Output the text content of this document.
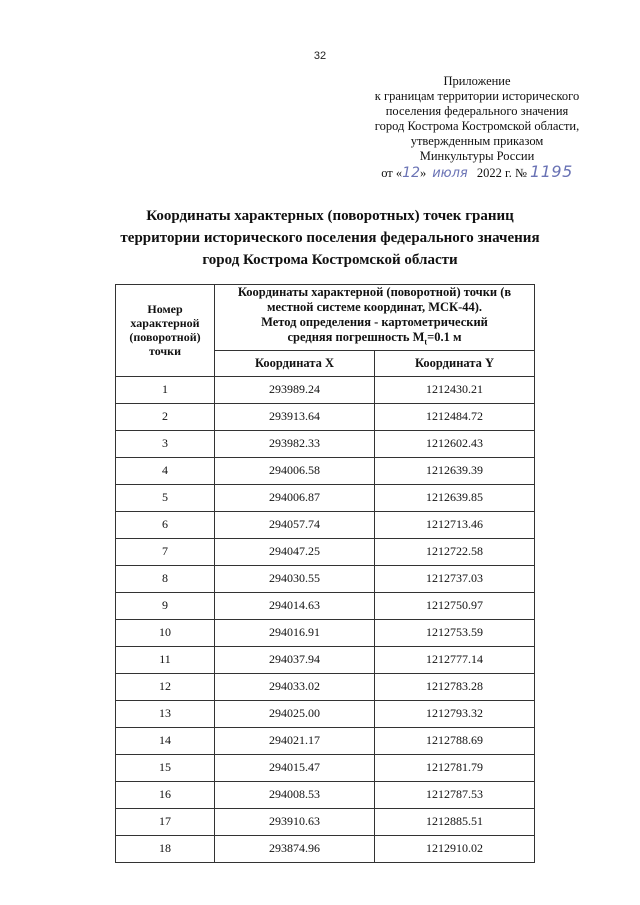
32
Приложение
к границам территории исторического
поселения федерального значения
город Кострома Костромской области,
утвержденным приказом
Минкультуры России
от «12» июля 2022 г. № 1195
Координаты характерных (поворотных) точек границ
территории исторического поселения федерального значения
город Кострома Костромской области
Номер характерной (поворотной) точки	Координаты характерной (поворотной) точки (в местной системе координат, МСК-44).
Метод определения - картометрический
средняя погрешность $M_t=0.1$ м	

	Координата X	Координата Y
1	293989.24	1212430.21
2	293913.64	1212484.72
3	293982.33	1212602.43
4	294006.58	1212639.39
5	294006.87	1212639.85
6	294057.74	1212713.46
7	294047.25	1212722.58
8	294030.55	1212737.03
9	294014.63	1212750.97
10	294016.91	1212753.59
11	294037.94	1212777.14
12	294033.02	1212783.28
13	294025.00	1212793.32
14	294021.17	1212788.69
15	294015.47	1212781.79
16	294008.53	1212787.53
17	293910.63	1212885.51
18	293874.96	1212910.02
